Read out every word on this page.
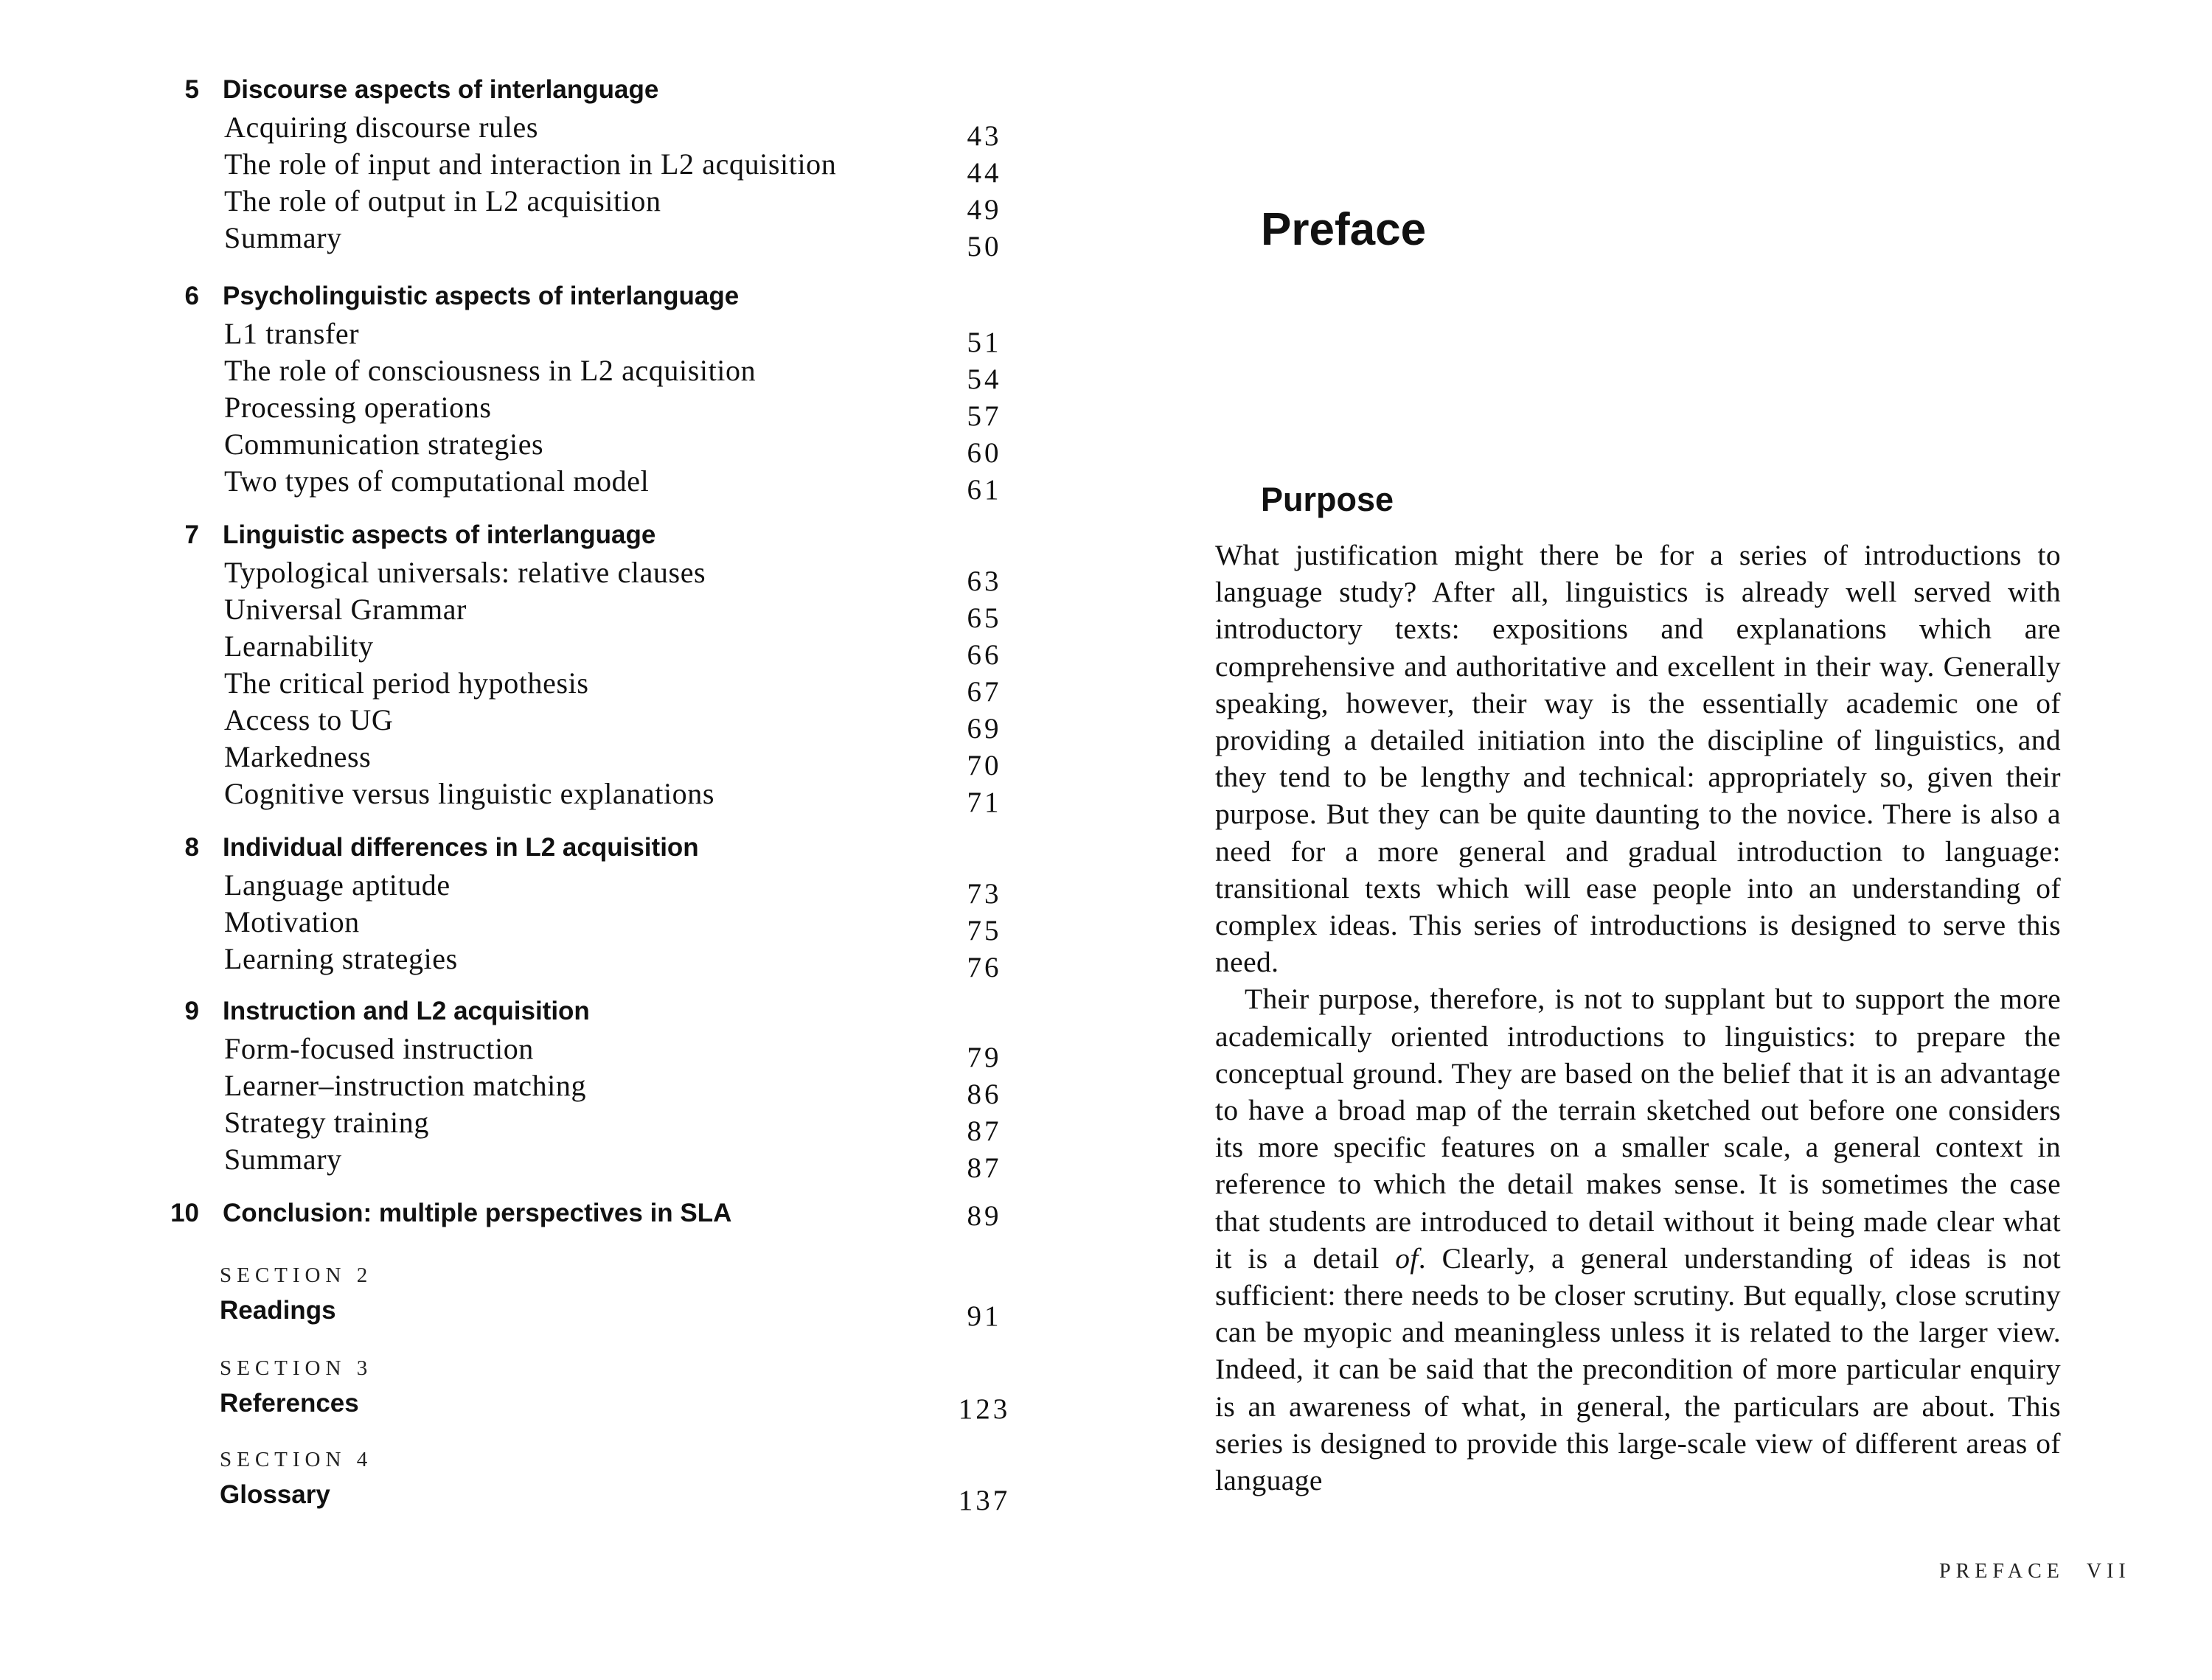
5 Discourse aspects of interlanguage
Acquiring discourse rules	43
The role of input and interaction in L2 acquisition	44
The role of output in L2 acquisition	49
Summary	50
6 Psycholinguistic aspects of interlanguage
L1 transfer	51
The role of consciousness in L2 acquisition	54
Processing operations	57
Communication strategies	60
Two types of computational model	61
7 Linguistic aspects of interlanguage
Typological universals: relative clauses	63
Universal Grammar	65
Learnability	66
The critical period hypothesis	67
Access to UG	69
Markedness	70
Cognitive versus linguistic explanations	71
8 Individual differences in L2 acquisition
Language aptitude	73
Motivation	75
Learning strategies	76
9 Instruction and L2 acquisition
Form-focused instruction	79
Learner–instruction matching	86
Strategy training	87
Summary	87
10 Conclusion: multiple perspectives in SLA	89
SECTION 2
Readings	91
SECTION 3
References	123
SECTION 4
Glossary	137
Preface
Purpose

What justification might there be for a series of introductions to language study? After all, linguistics is already well served with introductory texts: expositions and explanations which are comprehensive and authoritative and excellent in their way. Generally speaking, however, their way is the essentially academic one of providing a detailed initiation into the discipline of linguistics, and they tend to be lengthy and technical: appropriately so, given their purpose. But they can be quite daunting to the novice. There is also a need for a more general and gradual introduction to language: transitional texts which will ease people into an understanding of complex ideas. This series of introductions is designed to serve this need.

Their purpose, therefore, is not to supplant but to support the more academically oriented introductions to linguistics: to prepare the conceptual ground. They are based on the belief that it is an advantage to have a broad map of the terrain sketched out before one considers its more specific features on a smaller scale, a general context in reference to which the detail makes sense. It is sometimes the case that students are introduced to detail without it being made clear what it is a detail of. Clearly, a general understanding of ideas is not sufficient: there needs to be closer scrutiny. But equally, close scrutiny can be myopic and meaningless unless it is related to the larger view. Indeed, it can be said that the precondition of more particular enquiry is an awareness of what, in general, the particulars are about. This series is designed to provide this large-scale view of different areas of language

PREFACE VII
